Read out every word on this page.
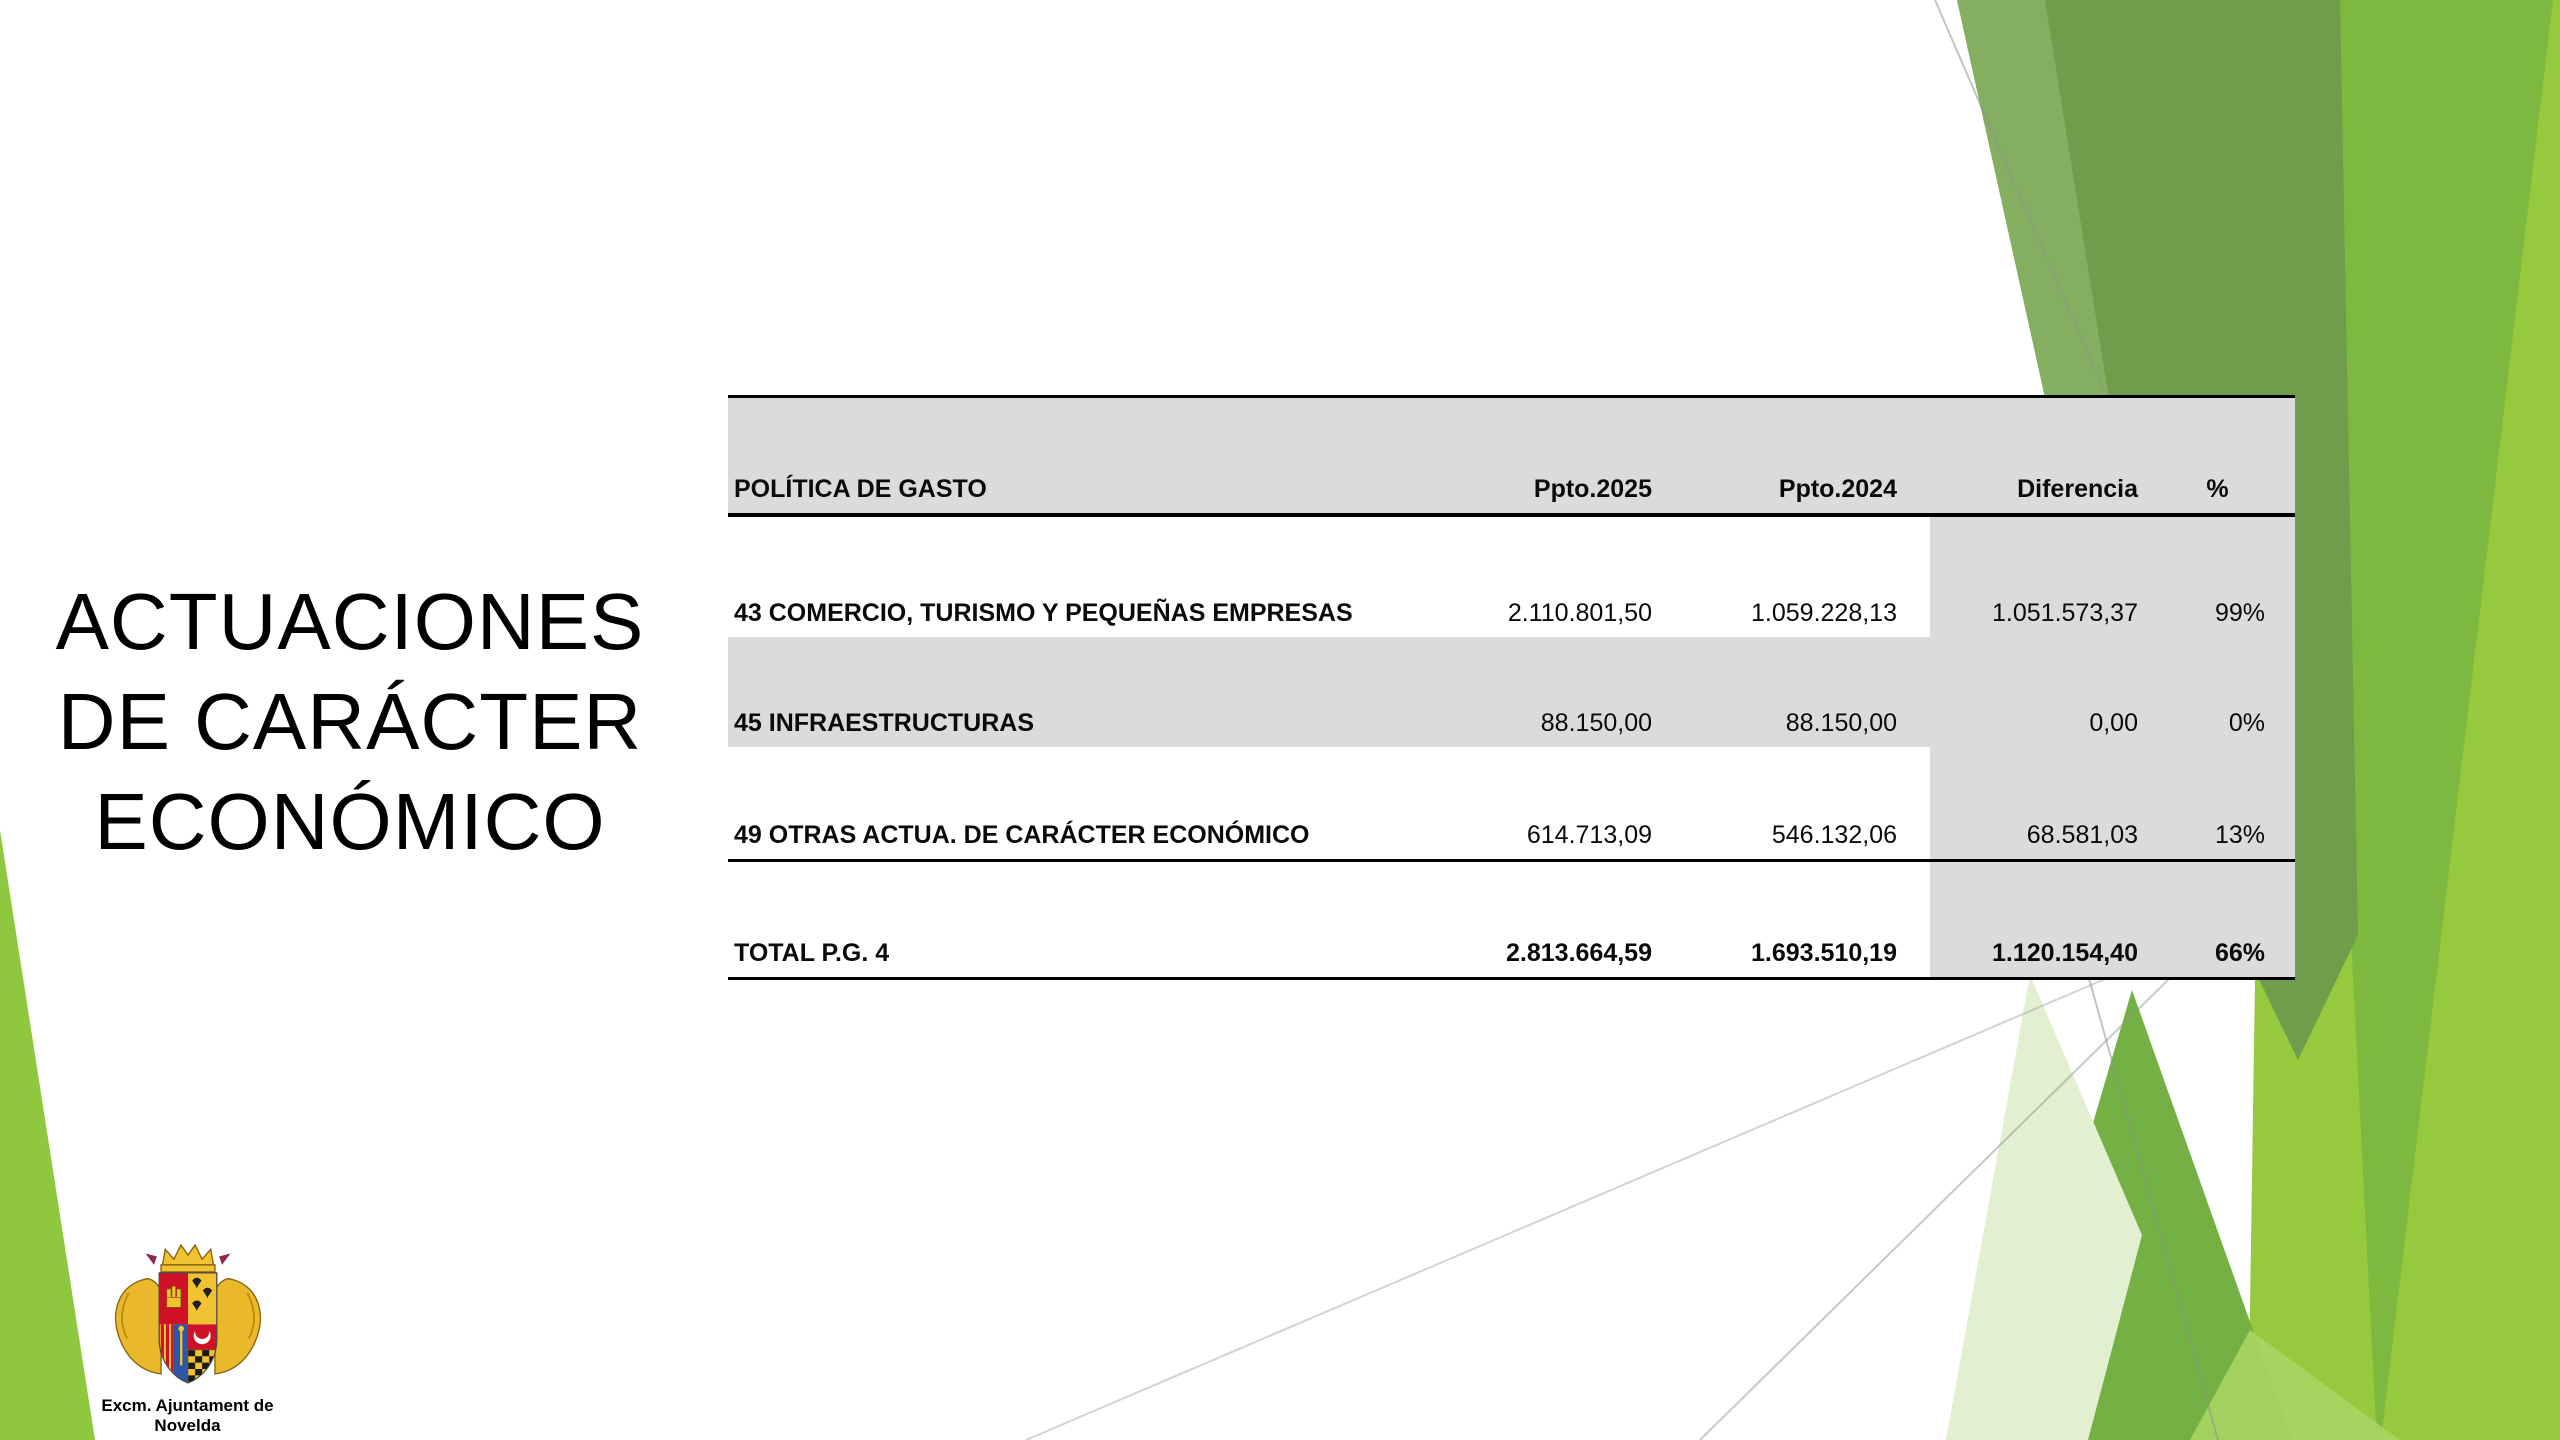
ACTUACIONES
DE CARÁCTER
ECONÓMICO
POLÍTICA DE GASTO	Ppto.2025	Ppto.2024	Diferencia	%
43 COMERCIO, TURISMO Y PEQUEÑAS EMPRESAS	2.110.801,50	1.059.228,13	1.051.573,37	99%
45 INFRAESTRUCTURAS	88.150,00	88.150,00	0,00	0%
49 OTRAS ACTUA. DE CARÁCTER ECONÓMICO	614.713,09	546.132,06	68.581,03	13%
TOTAL P.G. 4	2.813.664,59	1.693.510,19	1.120.154,40	66%
Excm. Ajuntament de Novelda
